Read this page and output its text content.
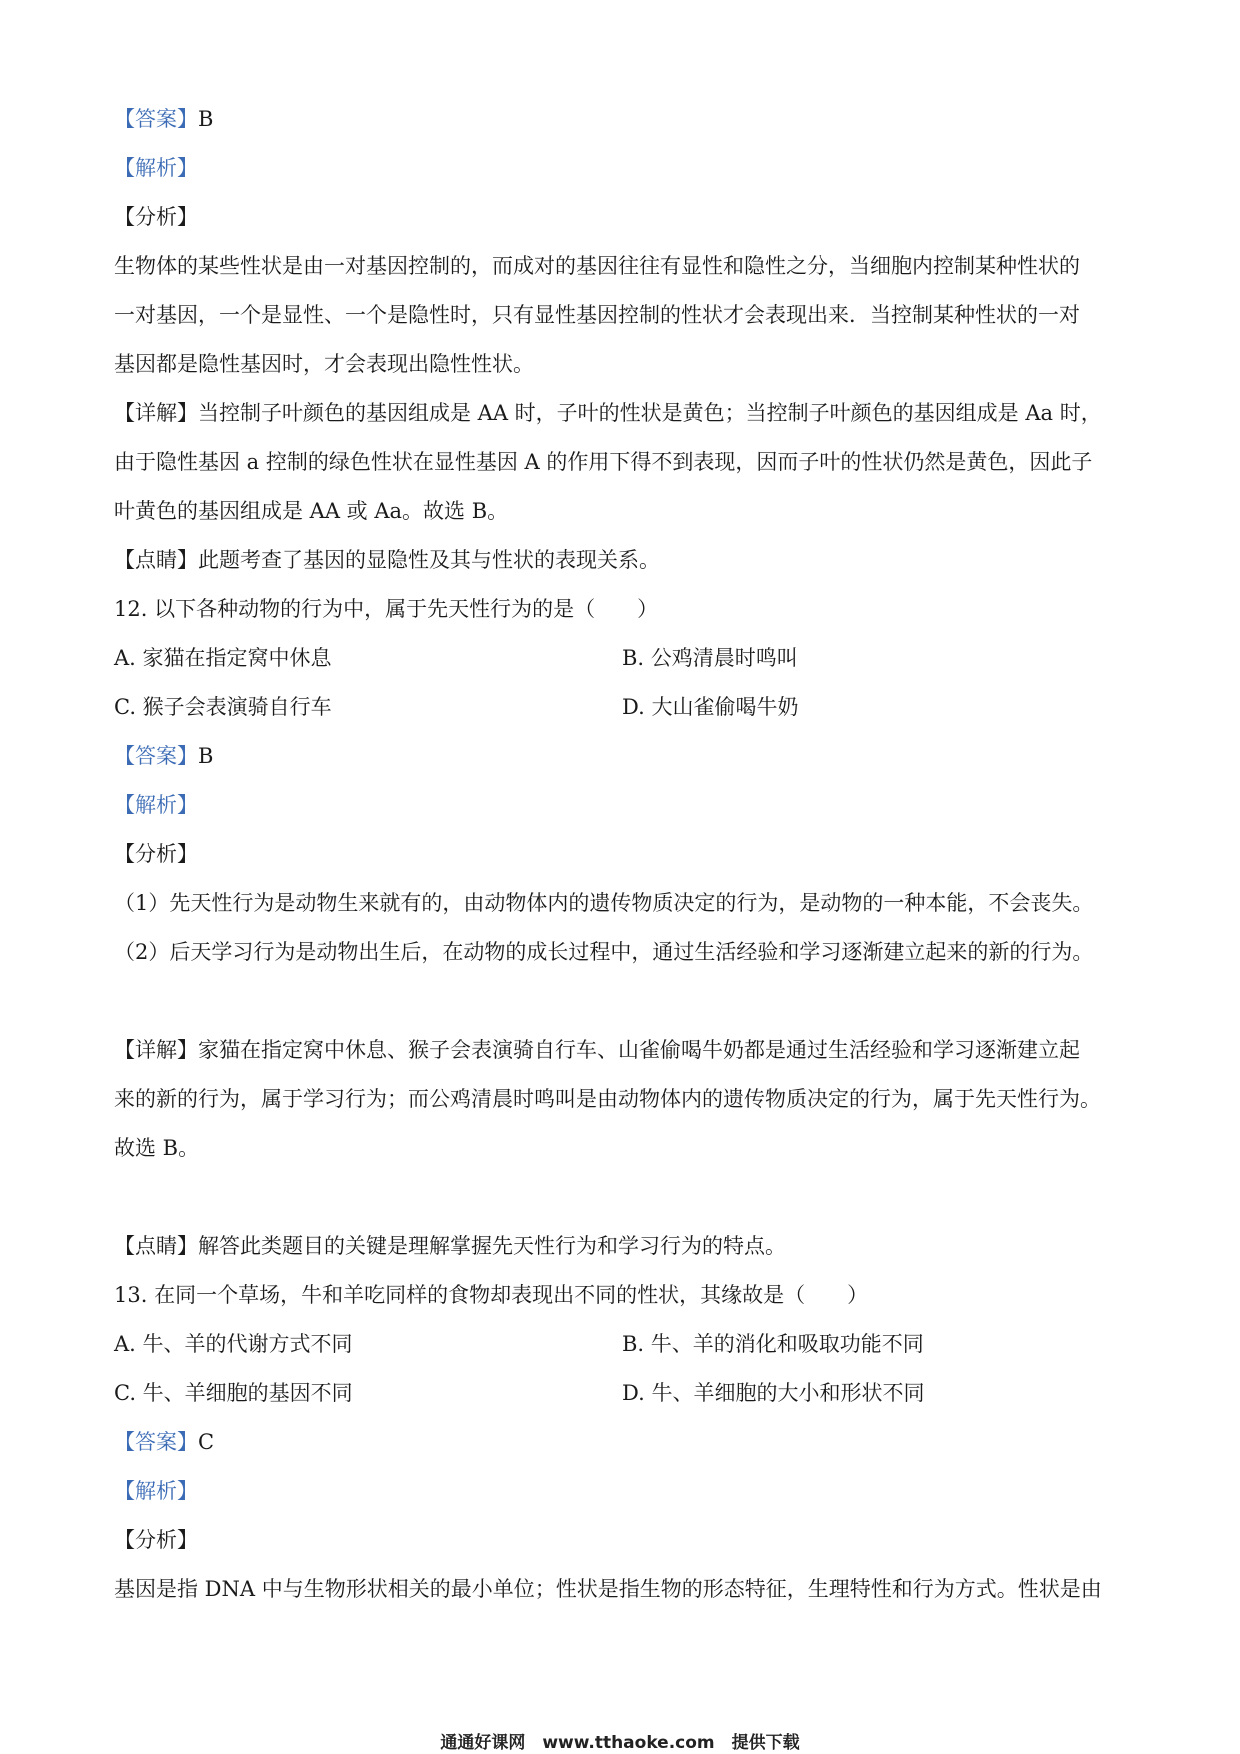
【答案】B
【解析】
【分析】
生物体的某些性状是由一对基因控制的，而成对的基因往往有显性和隐性之分，当细胞内控制某种性状的
一对基因，一个是显性、一个是隐性时，只有显性基因控制的性状才会表现出来．当控制某种性状的一对
基因都是隐性基因时，才会表现出隐性性状。
【详解】当控制子叶颜色的基因组成是 AA 时，子叶的性状是黄色；当控制子叶颜色的基因组成是 Aa 时，
由于隐性基因 a 控制的绿色性状在显性基因 A 的作用下得不到表现，因而子叶的性状仍然是黄色，因此子
叶黄色的基因组成是 AA 或 Aa。故选 B。
【点睛】此题考查了基因的显隐性及其与性状的表现关系。
12. 以下各种动物的行为中，属于先天性行为的是（　　）
A. 家猫在指定窝中休息	B. 公鸡清晨时鸣叫
C. 猴子会表演骑自行车	D. 大山雀偷喝牛奶
【答案】B
【解析】
【分析】
（1）先天性行为是动物生来就有的，由动物体内的遗传物质决定的行为，是动物的一种本能，不会丧失。
（2）后天学习行为是动物出生后，在动物的成长过程中，通过生活经验和学习逐渐建立起来的新的行为。
【详解】家猫在指定窝中休息、猴子会表演骑自行车、山雀偷喝牛奶都是通过生活经验和学习逐渐建立起
来的新的行为，属于学习行为；而公鸡清晨时鸣叫是由动物体内的遗传物质决定的行为，属于先天性行为。
故选 B。
【点睛】解答此类题目的关键是理解掌握先天性行为和学习行为的特点。
13. 在同一个草场，牛和羊吃同样的食物却表现出不同的性状，其缘故是（　　）
A. 牛、羊的代谢方式不同	B. 牛、羊的消化和吸取功能不同
C. 牛、羊细胞的基因不同	D. 牛、羊细胞的大小和形状不同
【答案】C
【解析】
【分析】
基因是指 DNA 中与生物形状相关的最小单位；性状是指生物的形态特征，生理特性和行为方式。性状是由
通通好课网　www.tthaoke.com　提供下载
